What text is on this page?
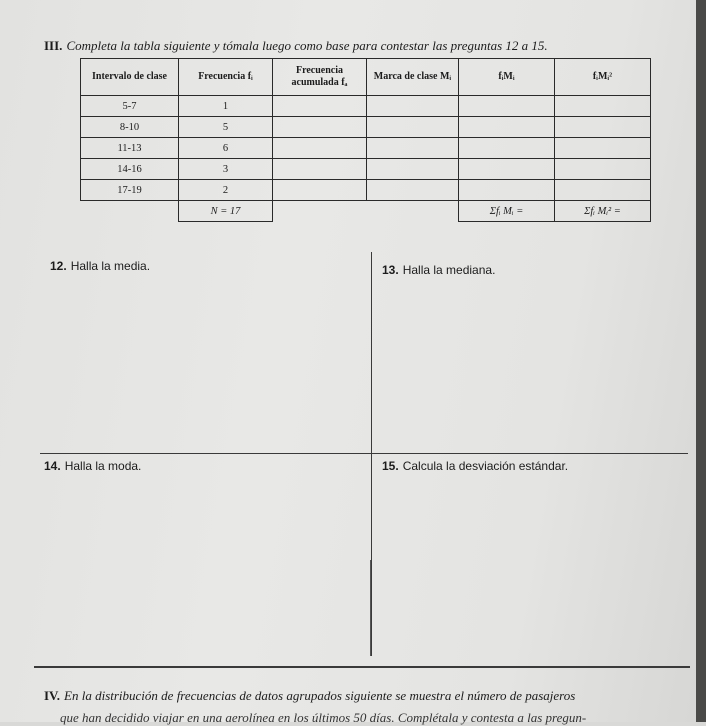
III. Completa la tabla siguiente y tómala luego como base para contestar las preguntas 12 a 15.
Intervalo de clase	Frecuencia fᵢ	Frecuencia acumulada fₐ	Marca de clase Mᵢ	fᵢMᵢ	fᵢMᵢ²
5-7	1				
8-10	5				
11-13	6				
14-16	3				
17-19	2				
	N = 17			Σfᵢ Mᵢ =	Σfᵢ Mᵢ² =
12. Halla la media.	13. Halla la mediana.
14. Halla la moda.	15. Calcula la desviación estándar.
IV. En la distribución de frecuencias de datos agrupados siguiente se muestra el número de pasajeros
que han decidido viajar en una aerolínea en los últimos 50 días. Complétala y contesta a las pregun-
